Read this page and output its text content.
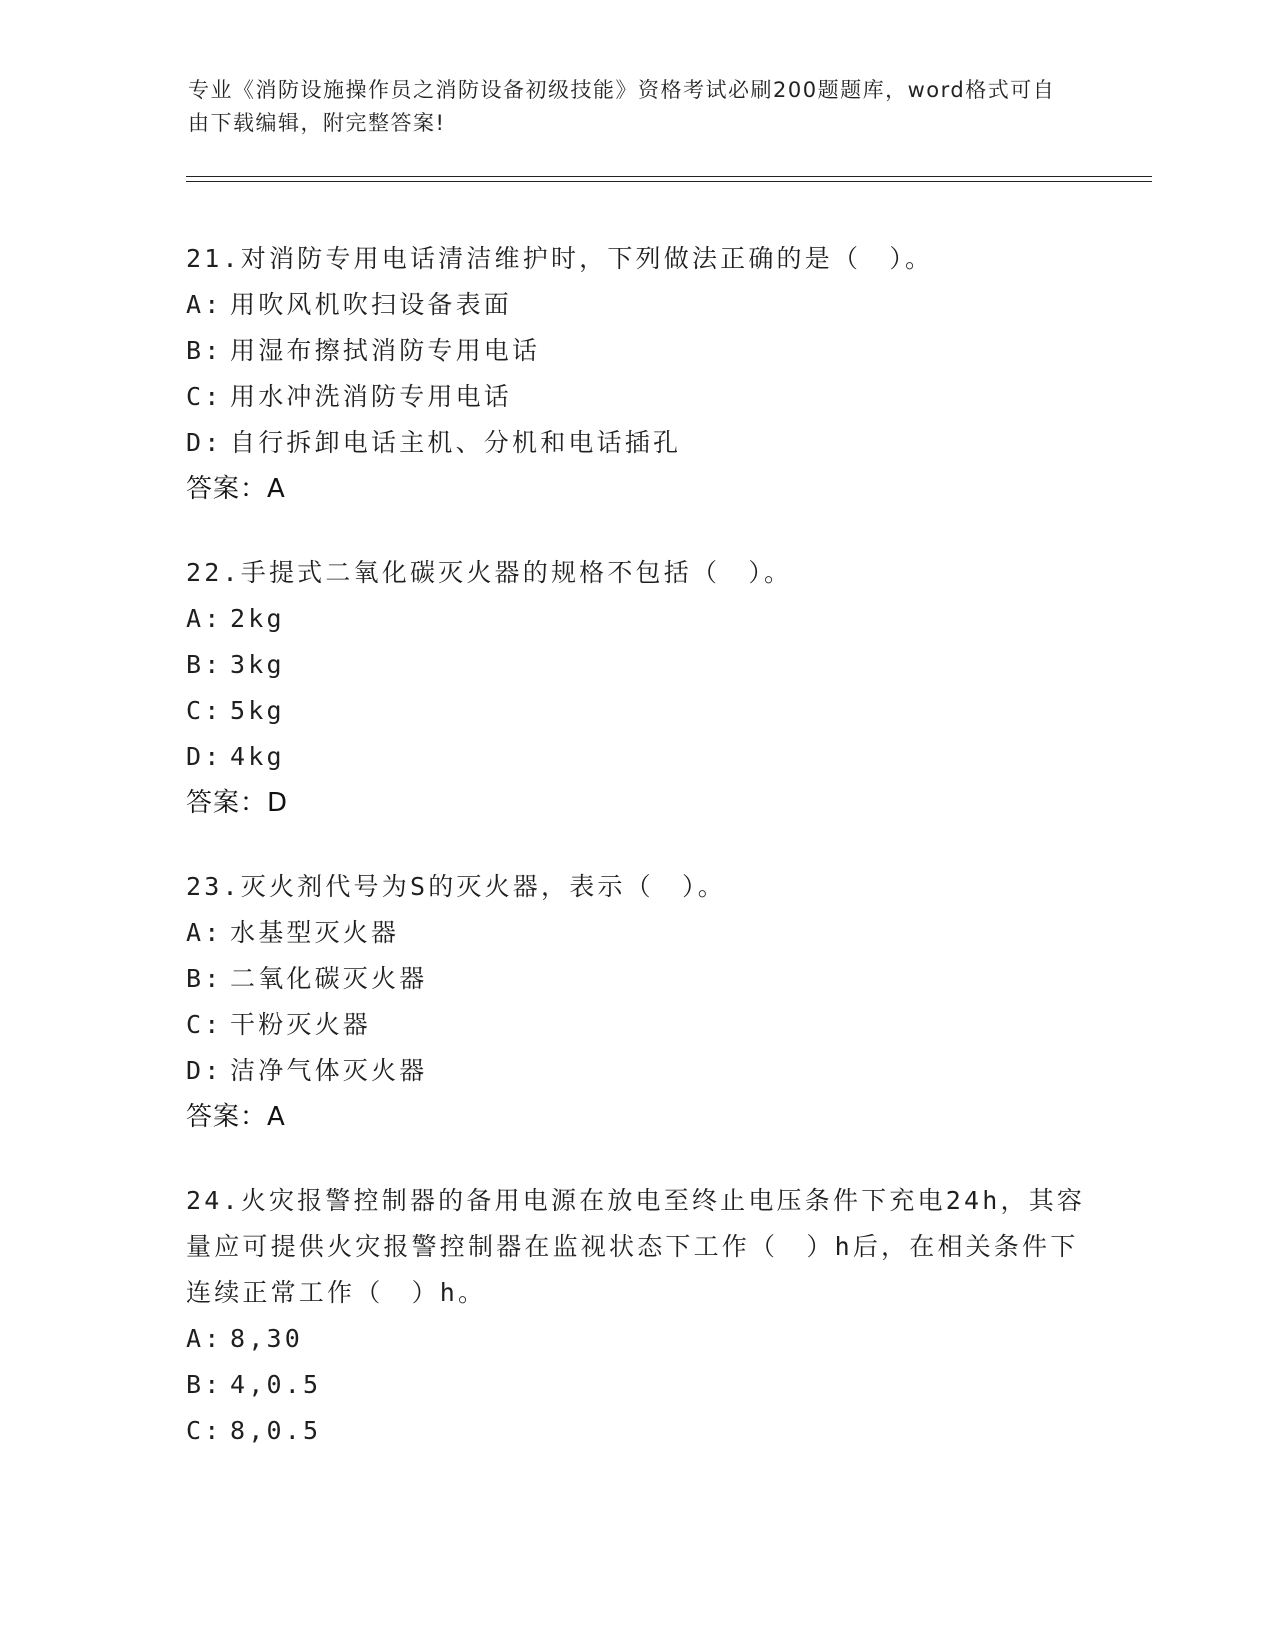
专业《消防设施操作员之消防设备初级技能》资格考试必刷200题题库，word格式可自由下载编辑，附完整答案!

21.对消防专用电话清洁维护时，下列做法正确的是（　）。

A: 用吹风机吹扫设备表面

B: 用湿布擦拭消防专用电话

C: 用水冲洗消防专用电话

D: 自行拆卸电话主机、分机和电话插孔

答案：A

22.手提式二氧化碳灭火器的规格不包括（　）。

A: 2kg

B: 3kg

C: 5kg

D: 4kg

答案：D

23.灭火剂代号为S的灭火器，表示（　）。

A: 水基型灭火器

B: 二氧化碳灭火器

C: 干粉灭火器

D: 洁净气体灭火器

答案：A

24.火灾报警控制器的备用电源在放电至终止电压条件下充电24h，其容量应可提供火灾报警控制器在监视状态下工作（　）h后，在相关条件下连续正常工作（　）h。

A: 8,30

B: 4,0.5

C: 8,0.5
